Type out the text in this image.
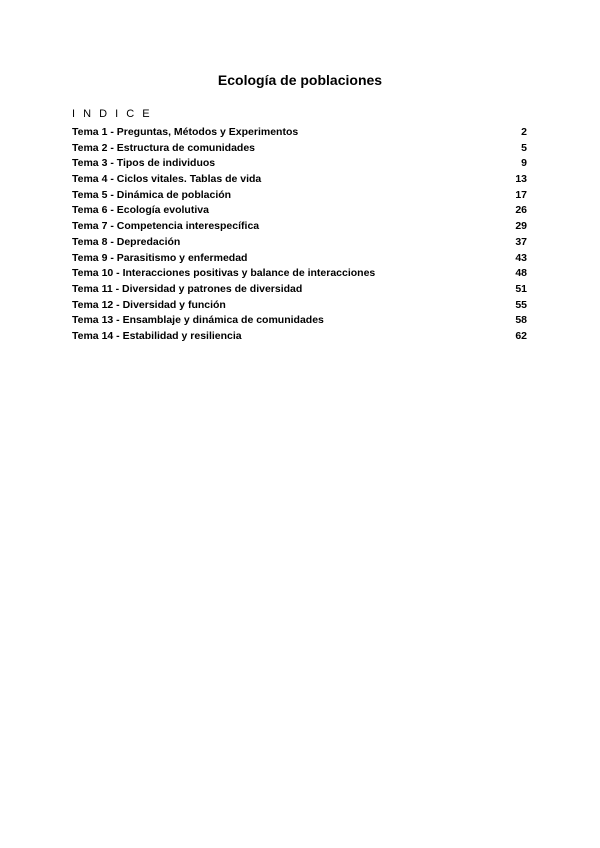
Ecología de poblaciones
I N D I C E
Tema 1 - Preguntas, Métodos y Experimentos	2
Tema 2 - Estructura de comunidades	5
Tema 3 - Tipos de individuos	9
Tema 4 - Ciclos vitales. Tablas de vida	13
Tema 5 - Dinámica de población	17
Tema 6 - Ecología evolutiva	26
Tema 7 - Competencia interespecífica	29
Tema 8 - Depredación	37
Tema 9 - Parasitismo y enfermedad	43
Tema 10 - Interacciones positivas y balance de interacciones	48
Tema 11 - Diversidad y patrones de diversidad	51
Tema 12 - Diversidad y función	55
Tema 13 - Ensamblaje y dinámica de comunidades	58
Tema 14 - Estabilidad y resiliencia	62
